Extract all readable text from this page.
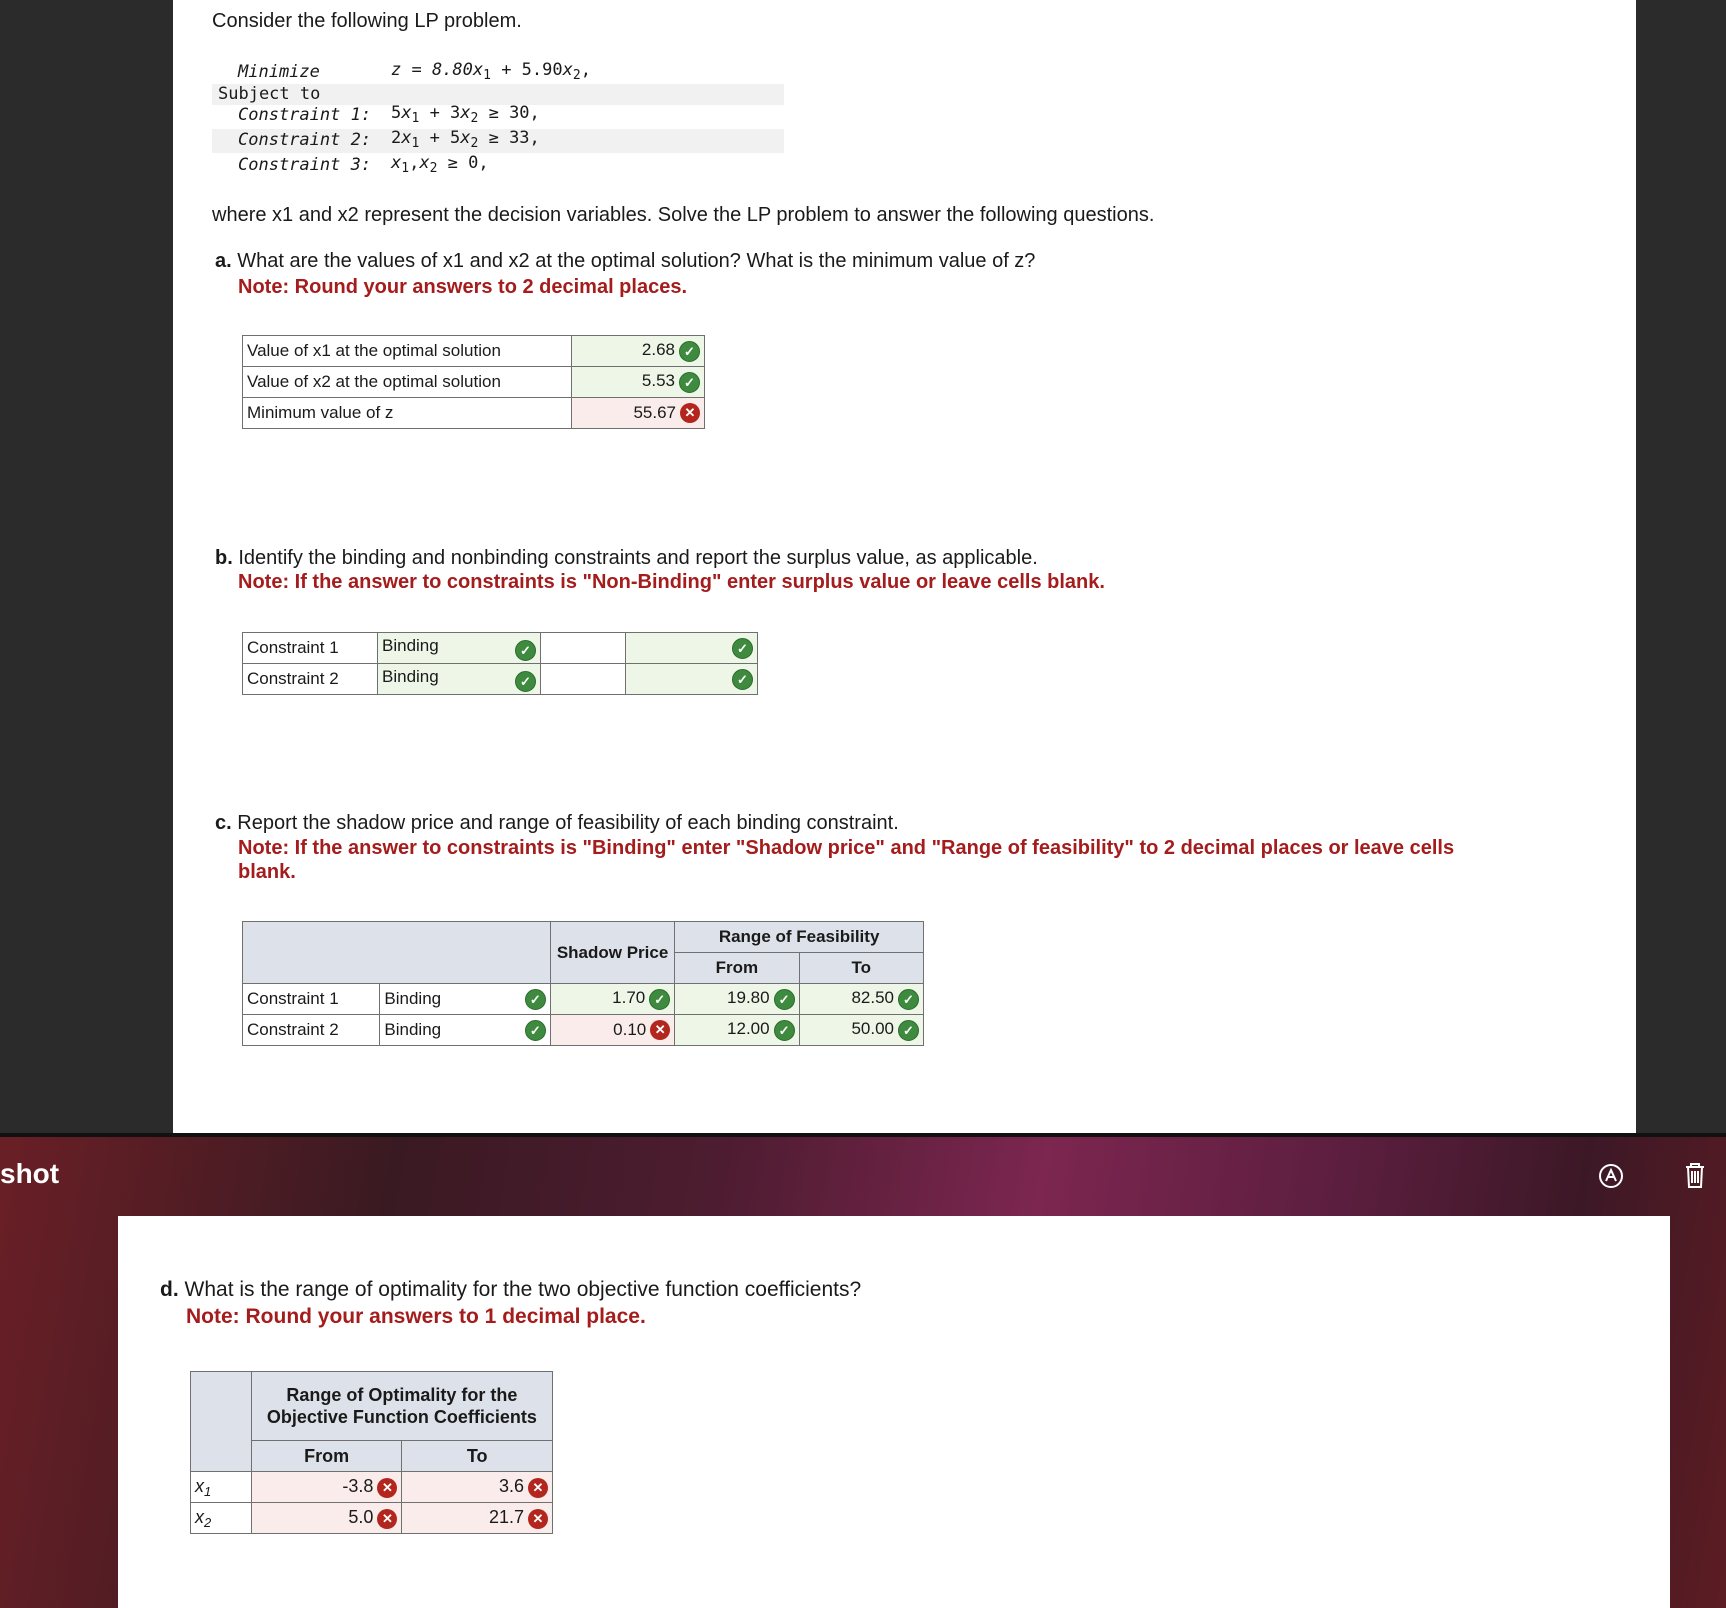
Consider the following LP problem.
Minimize	$z = 8.80x_1 + 5.90x_2$,
Subject to
Constraint 1: $5x_1 + 3x_2 \ge 30$,
Constraint 2: $2x_1 + 5x_2 \ge 33$,
Constraint 3: $x_1,x_2 \ge 0$,
where x1 and x2 represent the decision variables. Solve the LP problem to answer the following questions.
a. What are the values of x1 and x2 at the optimal solution? What is the minimum value of z?
Note: Round your answers to 2 decimal places.
Value of x1 at the optimal solution	2.68 ✓
Value of x2 at the optimal solution	5.53 ✓
Minimum value of z	55.67 ✕
b. Identify the binding and nonbinding constraints and report the surplus value, as applicable.
Note: If the answer to constraints is "Non-Binding" enter surplus value or leave cells blank.
Constraint 1	Binding ✓		✓
Constraint 2	Binding ✓		✓
c. Report the shadow price and range of feasibility of each binding constraint.
Note: If the answer to constraints is "Binding" enter "Shadow price" and "Range of feasibility" to 2 decimal places or leave cells blank.
			Shadow Price	Range of Feasibility	
				From	To
Constraint 1	Binding	✓	1.70 ✓	19.80 ✓	82.50 ✓
Constraint 2	Binding	✓	0.10 ✕	12.00 ✓	50.00 ✓
shot
d. What is the range of optimality for the two objective function coefficients?
Note: Round your answers to 1 decimal place.
	Range of Optimality for the Objective Function Coefficients	
	From	To
$x_1$	-3.8 ✕	3.6 ✕
$x_2$	5.0 ✕	21.7 ✕
